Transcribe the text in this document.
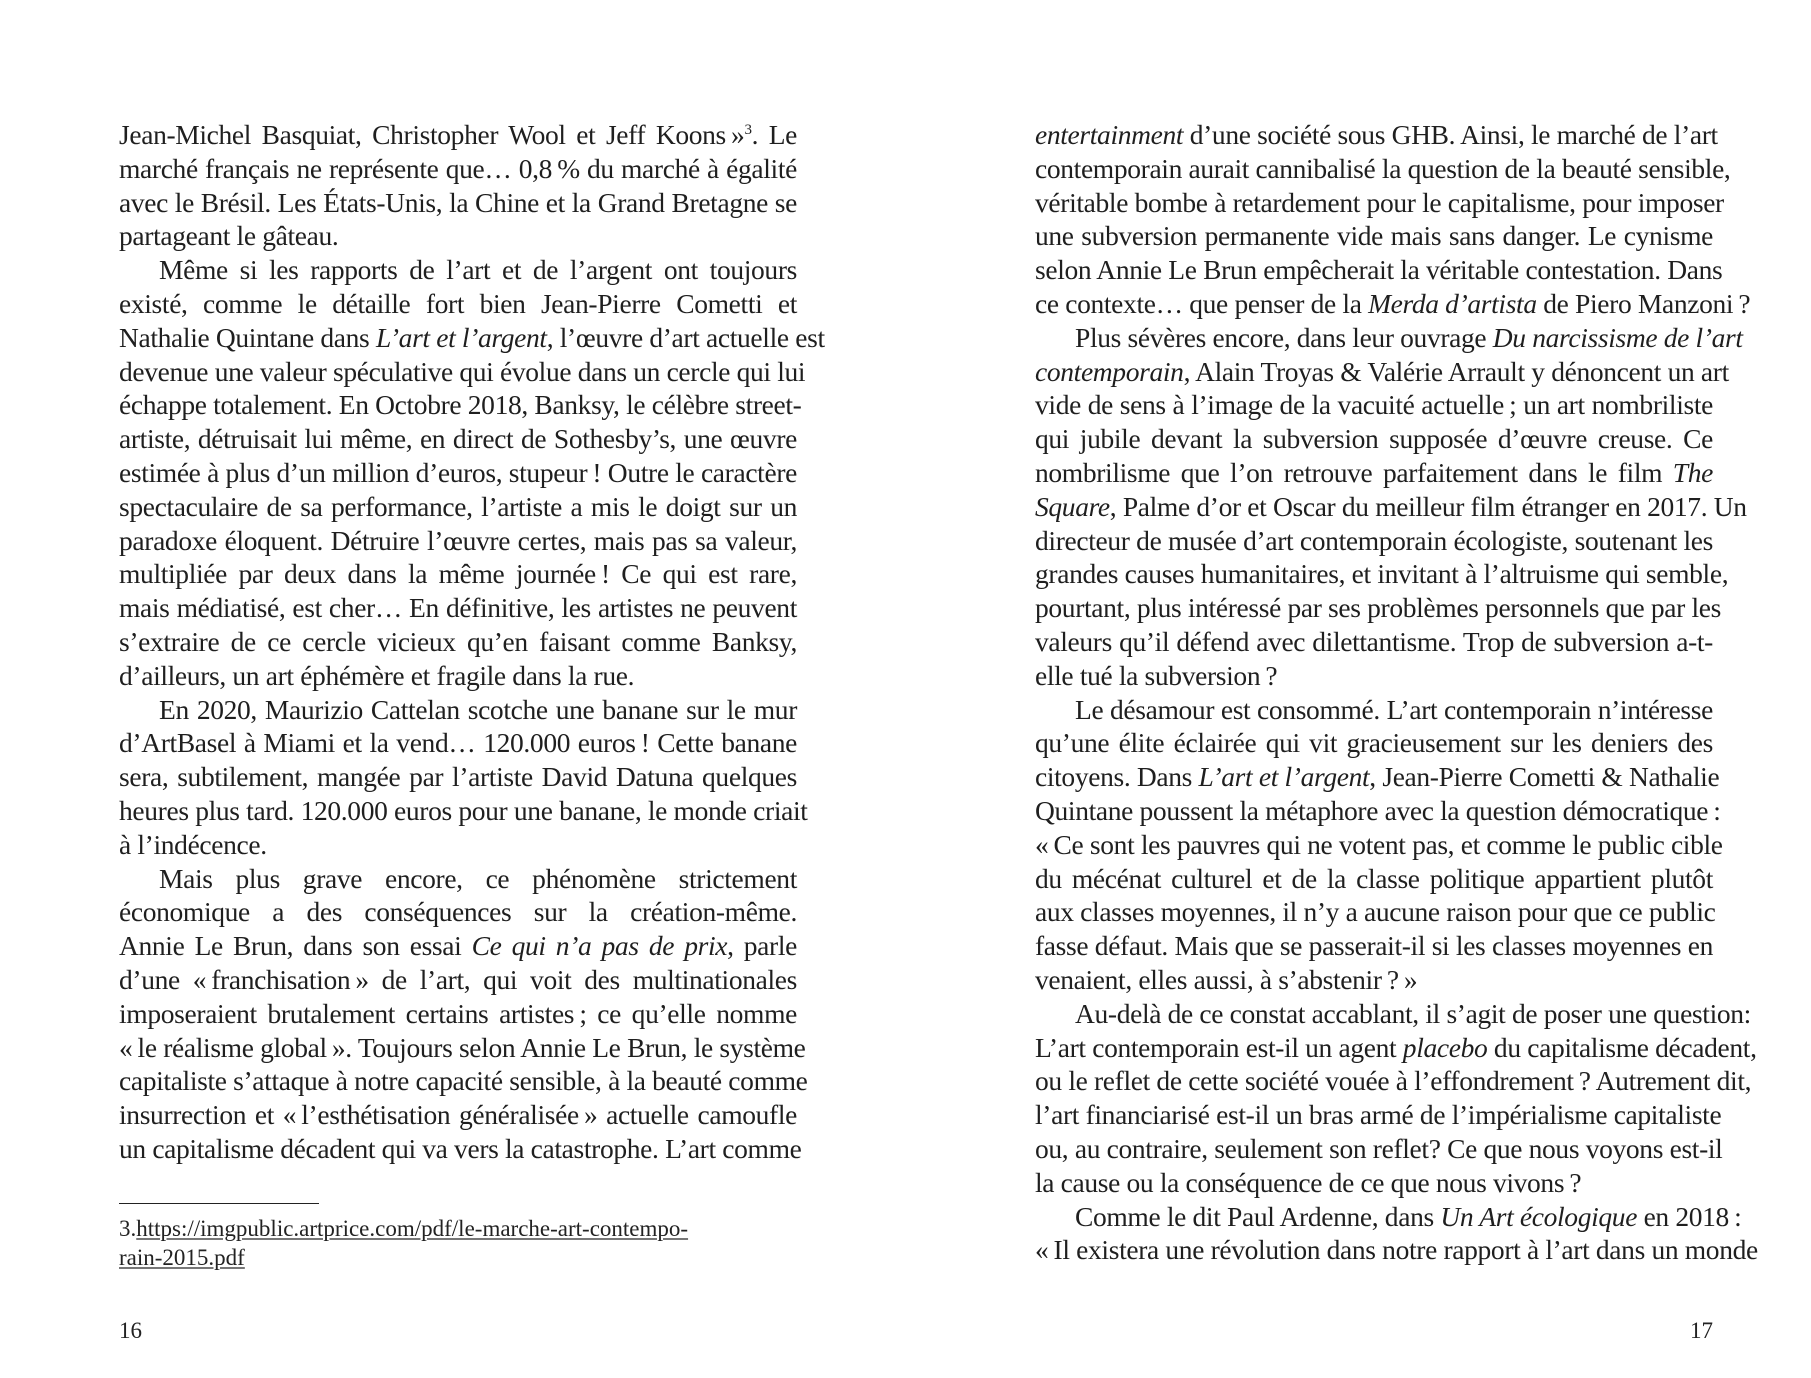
Jean-Michel Basquiat, Christopher Wool et Jeff Koons »$^3$. Le
marché français ne représente que… 0,8 % du marché à égalité
avec le Brésil. Les États-Unis, la Chine et la Grand Bretagne se
partageant le gâteau.
Même si les rapports de l’art et de l’argent ont toujours
existé, comme le détaille fort bien Jean-Pierre Cometti et
Nathalie Quintane dans L’art et l’argent, l’œuvre d’art actuelle est
devenue une valeur spéculative qui évolue dans un cercle qui lui
échappe totalement. En Octobre 2018, Banksy, le célèbre street-
artiste, détruisait lui même, en direct de Sothesby’s, une œuvre
estimée à plus d’un million d’euros, stupeur ! Outre le caractère
spectaculaire de sa performance, l’artiste a mis le doigt sur un
paradoxe éloquent. Détruire l’œuvre certes, mais pas sa valeur,
multipliée par deux dans la même journée ! Ce qui est rare,
mais médiatisé, est cher… En définitive, les artistes ne peuvent
s’extraire de ce cercle vicieux qu’en faisant comme Banksy,
d’ailleurs, un art éphémère et fragile dans la rue.
En 2020, Maurizio Cattelan scotche une banane sur le mur
d’ArtBasel à Miami et la vend… 120.000 euros ! Cette banane
sera, subtilement, mangée par l’artiste David Datuna quelques
heures plus tard. 120.000 euros pour une banane, le monde criait
à l’indécence.
Mais plus grave encore, ce phénomène strictement
économique a des conséquences sur la création-même.
Annie Le Brun, dans son essai Ce qui n’a pas de prix, parle
d’une « franchisation » de l’art, qui voit des multinationales
imposeraient brutalement certains artistes ; ce qu’elle nomme
« le réalisme global ». Toujours selon Annie Le Brun, le système
capitaliste s’attaque à notre capacité sensible, à la beauté comme
insurrection et « l’esthétisation généralisée » actuelle camoufle
un capitalisme décadent qui va vers la catastrophe. L’art comme
entertainment d’une société sous GHB. Ainsi, le marché de l’art
contemporain aurait cannibalisé la question de la beauté sensible,
véritable bombe à retardement pour le capitalisme, pour imposer
une subversion permanente vide mais sans danger. Le cynisme
selon Annie Le Brun empêcherait la véritable contestation. Dans
ce contexte… que penser de la Merda d’artista de Piero Manzoni ?
Plus sévères encore, dans leur ouvrage Du narcissisme de l’art
contemporain, Alain Troyas & Valérie Arrault y dénoncent un art
vide de sens à l’image de la vacuité actuelle ; un art nombriliste
qui jubile devant la subversion supposée d’œuvre creuse. Ce
nombrilisme que l’on retrouve parfaitement dans le film The
Square, Palme d’or et Oscar du meilleur film étranger en 2017. Un
directeur de musée d’art contemporain écologiste, soutenant les
grandes causes humanitaires, et invitant à l’altruisme qui semble,
pourtant, plus intéressé par ses problèmes personnels que par les
valeurs qu’il défend avec dilettantisme. Trop de subversion a-t-
elle tué la subversion ?
Le désamour est consommé. L’art contemporain n’intéresse
qu’une élite éclairée qui vit gracieusement sur les deniers des
citoyens. Dans L’art et l’argent, Jean-Pierre Cometti & Nathalie
Quintane poussent la métaphore avec la question démocratique :
« Ce sont les pauvres qui ne votent pas, et comme le public cible
du mécénat culturel et de la classe politique appartient plutôt
aux classes moyennes, il n’y a aucune raison pour que ce public
fasse défaut. Mais que se passerait-il si les classes moyennes en
venaient, elles aussi, à s’abstenir ? »
Au-delà de ce constat accablant, il s’agit de poser une question:
L’art contemporain est-il un agent placebo du capitalisme décadent,
ou le reflet de cette société vouée à l’effondrement ? Autrement dit,
l’art financiarisé est-il un bras armé de l’impérialisme capitaliste
ou, au contraire, seulement son reflet? Ce que nous voyons est-il
la cause ou la conséquence de ce que nous vivons ?
Comme le dit Paul Ardenne, dans Un Art écologique en 2018 :
« Il existera une révolution dans notre rapport à l’art dans un monde
3.https://imgpublic.artprice.com/pdf/le-marche-art-contempo-
rain-2015.pdf
16	17
